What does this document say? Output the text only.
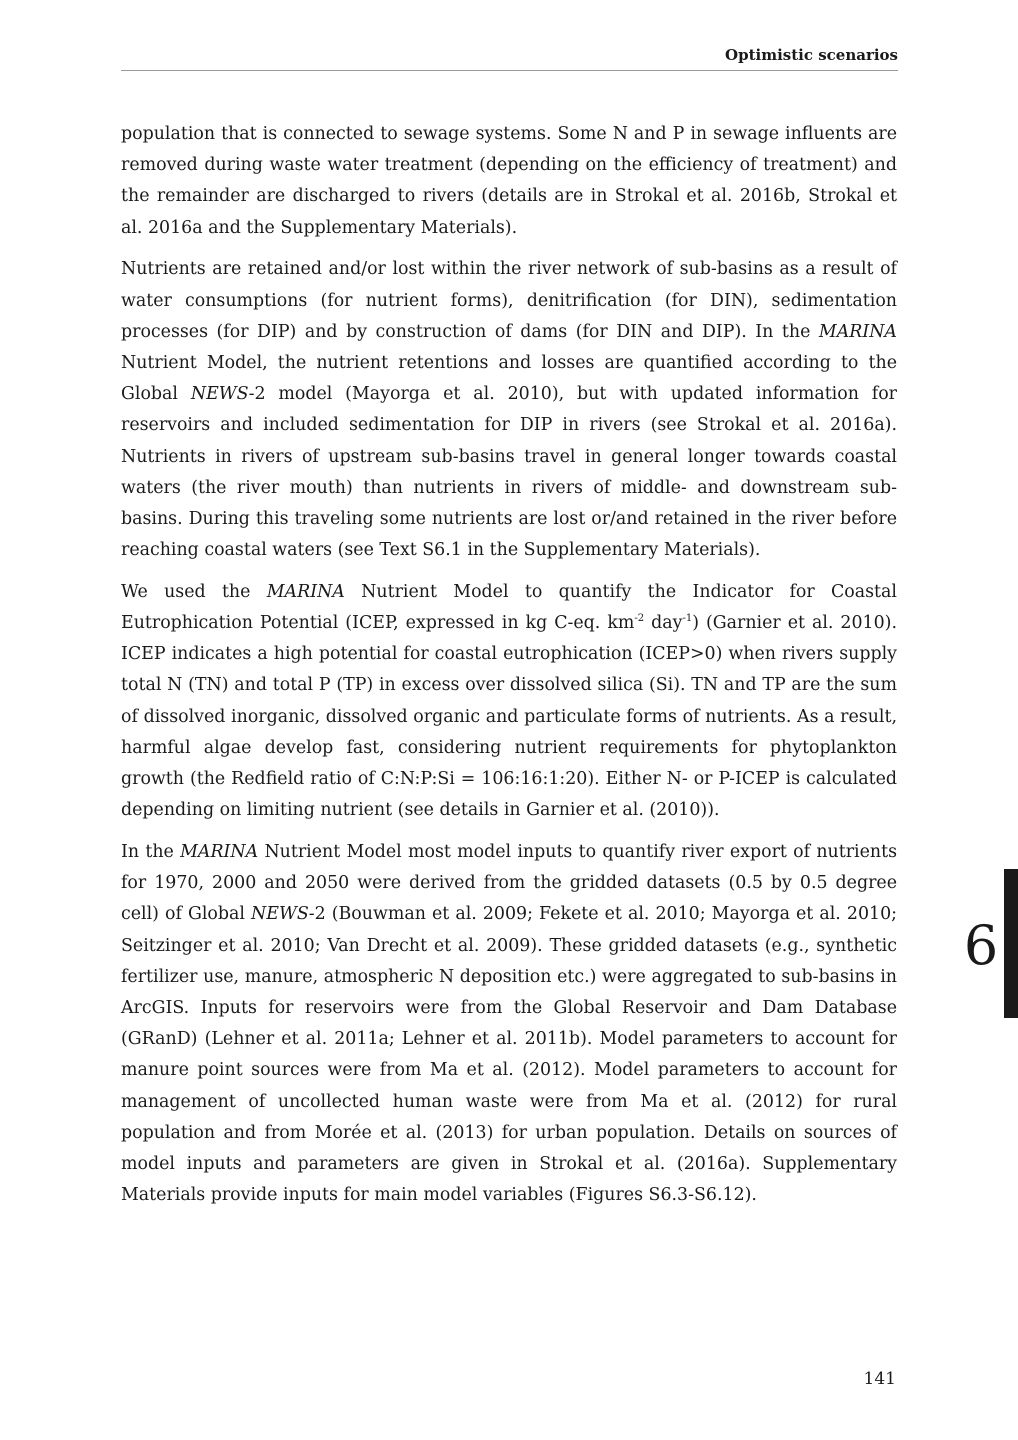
Optimistic scenarios

population that is connected to sewage systems. Some N and P in sewage influents are removed during waste water treatment (depending on the efficiency of treatment) and the remainder are discharged to rivers (details are in Strokal et al. 2016b, Strokal et al. 2016a and the Supplementary Materials).

Nutrients are retained and/or lost within the river network of sub-basins as a result of water consumptions (for nutrient forms), denitrification (for DIN), sedimentation processes (for DIP) and by construction of dams (for DIN and DIP). In the MARINA Nutrient Model, the nutrient retentions and losses are quantified according to the Global NEWS-2 model (Mayorga et al. 2010), but with updated information for reservoirs and included sedimentation for DIP in rivers (see Strokal et al. 2016a). Nutrients in rivers of upstream sub-basins travel in general longer towards coastal waters (the river mouth) than nutrients in rivers of middle- and downstream sub-basins. During this traveling some nutrients are lost or/and retained in the river before reaching coastal waters (see Text S6.1 in the Supplementary Materials).

We used the MARINA Nutrient Model to quantify the Indicator for Coastal Eutrophication Potential (ICEP, expressed in kg C-eq. $km^{-2}$ day$^{-1}$) (Garnier et al. 2010). ICEP indicates a high potential for coastal eutrophication (ICEP>0) when rivers supply total N (TN) and total P (TP) in excess over dissolved silica (Si). TN and TP are the sum of dissolved inorganic, dissolved organic and particulate forms of nutrients. As a result, harmful algae develop fast, considering nutrient requirements for phytoplankton growth (the Redfield ratio of C:N:P:Si = 106:16:1:20). Either N- or P-ICEP is calculated depending on limiting nutrient (see details in Garnier et al. (2010)).

In the MARINA Nutrient Model most model inputs to quantify river export of nutrients for 1970, 2000 and 2050 were derived from the gridded datasets (0.5 by 0.5 degree cell) of Global NEWS-2 (Bouwman et al. 2009; Fekete et al. 2010; Mayorga et al. 2010; Seitzinger et al. 2010; Van Drecht et al. 2009). These gridded datasets (e.g., synthetic fertilizer use, manure, atmospheric N deposition etc.) were aggregated to sub-basins in ArcGIS. Inputs for reservoirs were from the Global Reservoir and Dam Database (GRanD) (Lehner et al. 2011a; Lehner et al. 2011b). Model parameters to account for manure point sources were from Ma et al. (2012). Model parameters to account for management of uncollected human waste were from Ma et al. (2012) for rural population and from Morée et al. (2013) for urban population. Details on sources of model inputs and parameters are given in Strokal et al. (2016a). Supplementary Materials provide inputs for main model variables (Figures S6.3-S6.12).

6
141
